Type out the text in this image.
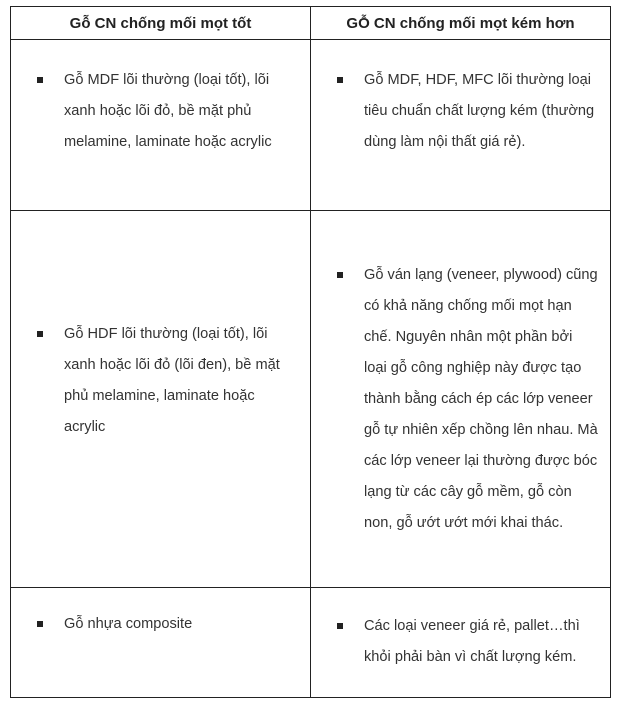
Gỗ CN chống mối mọt tốt	GỖ CN chống mối mọt kém hơn

Gỗ MDF lõi thường (loại tốt), lõi xanh hoặc lõi đỏ, bề mặt phủ melamine, laminate hoặc acrylic	Gỗ MDF, HDF, MFC lõi thường loại tiêu chuẩn chất lượng kém (thường dùng làm nội thất giá rẻ).

Gỗ HDF lõi thường (loại tốt), lõi xanh hoặc lõi đỏ (lõi đen), bề mặt phủ melamine, laminate hoặc acrylic	Gỗ ván lạng (veneer, plywood) cũng có khả năng chống mối mọt hạn chế. Nguyên nhân một phần bởi loại gỗ công nghiệp này được tạo thành bằng cách ép các lớp veneer gỗ tự nhiên xếp chồng lên nhau. Mà các lớp veneer lại thường được bóc lạng từ các cây gỗ mềm, gỗ còn non, gỗ ướt ướt mới khai thác.

Gỗ nhựa composite	Các loại veneer giá rẻ, pallet…thì khỏi phải bàn vì chất lượng kém.
